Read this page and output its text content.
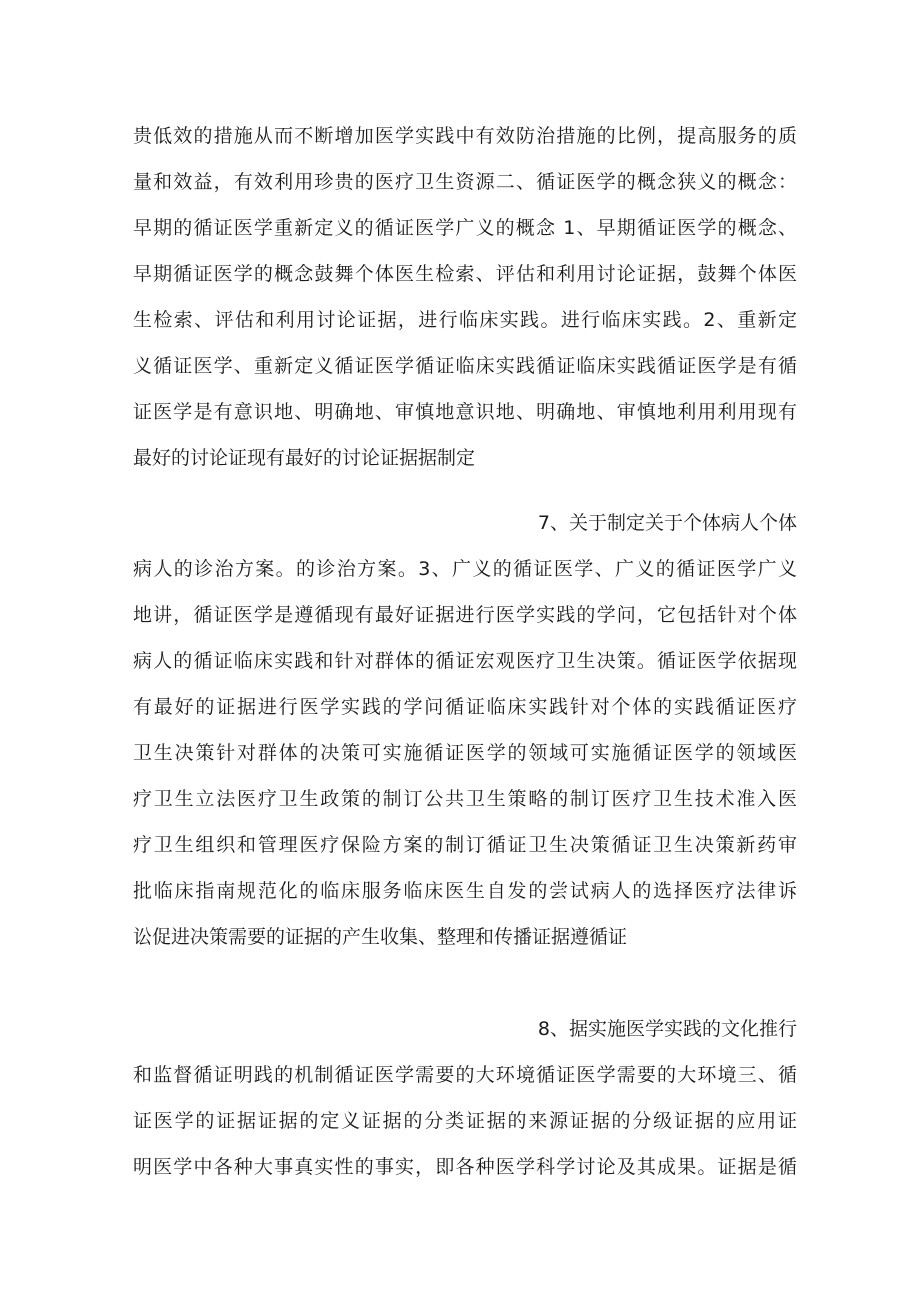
贵低效的措施从而不断增加医学实践中有效防治措施的比例，提高服务的质
量和效益，有效利用珍贵的医疗卫生资源二、循证医学的概念狭义的概念：
早期的循证医学重新定义的循证医学广义的概念 1、早期循证医学的概念、
早期循证医学的概念鼓舞个体医生检索、评估和利用讨论证据，鼓舞个体医
生检索、评估和利用讨论证据，进行临床实践。进行临床实践。2、重新定
义循证医学、重新定义循证医学循证临床实践循证临床实践循证医学是有循
证医学是有意识地、明确地、审慎地意识地、明确地、审慎地利用利用现有
最好的讨论证现有最好的讨论证据据制定
7、关于制定关于个体病人个体
病人的诊治方案。的诊治方案。3、广义的循证医学、广义的循证医学广义
地讲，循证医学是遵循现有最好证据进行医学实践的学问，它包括针对个体
病人的循证临床实践和针对群体的循证宏观医疗卫生决策。循证医学依据现
有最好的证据进行医学实践的学问循证临床实践针对个体的实践循证医疗
卫生决策针对群体的决策可实施循证医学的领域可实施循证医学的领域医
疗卫生立法医疗卫生政策的制订公共卫生策略的制订医疗卫生技术准入医
疗卫生组织和管理医疗保险方案的制订循证卫生决策循证卫生决策新药审
批临床指南规范化的临床服务临床医生自发的尝试病人的选择医疗法律诉
讼促进决策需要的证据的产生收集、整理和传播证据遵循证
8、据实施医学实践的文化推行
和监督循证明践的机制循证医学需要的大环境循证医学需要的大环境三、循
证医学的证据证据的定义证据的分类证据的来源证据的分级证据的应用证
明医学中各种大事真实性的事实，即各种医学科学讨论及其成果。证据是循
